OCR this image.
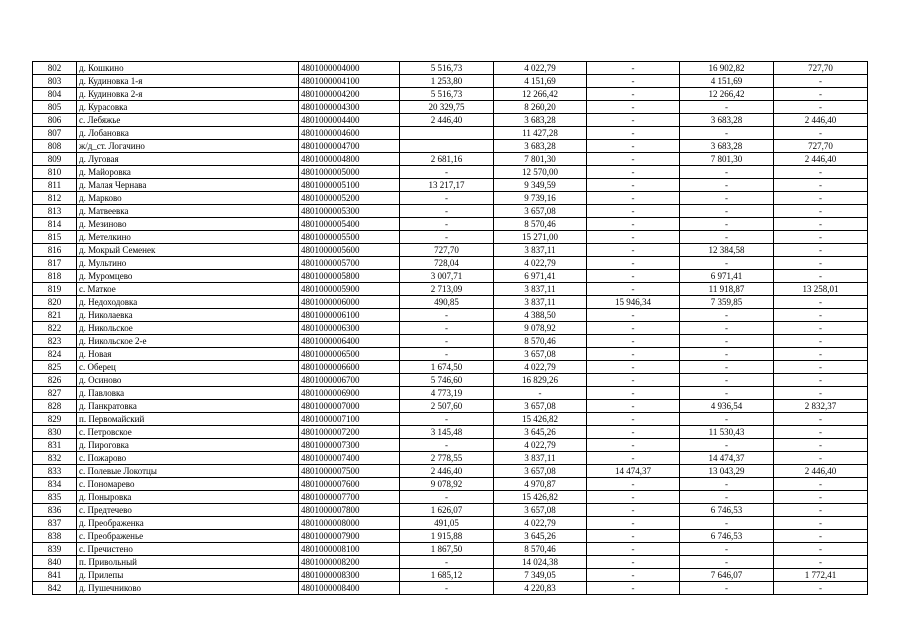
802	д. Кошкино	4801000004000	5 516,73	4 022,79	-	16 902,82	727,70
803	д. Кудиновка 1-я	4801000004100	1 253,80	4 151,69	-	4 151,69	-
804	д. Кудиновка 2-я	4801000004200	5 516,73	12 266,42	-	12 266,42	-
805	д. Курасовка	4801000004300	20 329,75	8 260,20	-	-	-
806	с. Лебяжье	4801000004400	2 446,40	3 683,28	-	3 683,28	2 446,40
807	д. Лобановка	4801000004600		11 427,28	-	-	-
808	ж/д_ст. Логачино	4801000004700		3 683,28	-	3 683,28	727,70
809	д. Луговая	4801000004800	2 681,16	7 801,30	-	7 801,30	2 446,40
810	д. Майоровка	4801000005000	-	12 570,00	-	-	-
811	д. Малая Чернава	4801000005100	13 217,17	9 349,59	-	-	-
812	д. Марково	4801000005200	-	9 739,16	-	-	-
813	д. Матвеевка	4801000005300	-	3 657,08	-	-	-
814	д. Мезиново	4801000005400	-	8 570,46	-	-	-
815	д. Метелкино	4801000005500	-	15 271,00	-	-	-
816	д. Мокрый Семенек	4801000005600	727,70	3 837,11	-	12 384,58	-
817	д. Мультино	4801000005700	728,04	4 022,79	-	-	-
818	д. Муромцево	4801000005800	3 007,71	6 971,41	-	6 971,41	-
819	с. Маткое	4801000005900	2 713,09	3 837,11	-	11 918,87	13 258,01
820	д. Недоходовка	4801000006000	490,85	3 837,11	15 946,34	7 359,85	-
821	д. Николаевка	4801000006100	-	4 388,50	-	-	-
822	д. Никольское	4801000006300	-	9 078,92	-	-	-
823	д. Никольское 2-е	4801000006400	-	8 570,46	-	-	-
824	д. Новая	4801000006500	-	3 657,08	-	-	-
825	с. Оберец	4801000006600	1 674,50	4 022,79	-	-	-
826	д. Осиново	4801000006700	5 746,60	16 829,26	-	-	-
827	д. Павловка	4801000006900	4 773,19	-	-	-	-
828	д. Панкратовка	4801000007000	2 507,60	3 657,08	-	4 936,54	2 832,37
829	п. Первомайский	4801000007100	-	15 426,82	-	-	-
830	с. Петровское	4801000007200	3 145,48	3 645,26	-	11 530,43	-
831	д. Пироговка	4801000007300	-	4 022,79	-	-	-
832	с. Пожарово	4801000007400	2 778,55	3 837,11	-	14 474,37	-
833	с. Полевые Локотцы	4801000007500	2 446,40	3 657,08	14 474,37	13 043,29	2 446,40
834	с. Пономарево	4801000007600	9 078,92	4 970,87	-	-	-
835	д. Поныровка	4801000007700	-	15 426,82	-	-	-
836	с. Предтечево	4801000007800	1 626,07	3 657,08	-	6 746,53	-
837	д. Преображенка	4801000008000	491,05	4 022,79	-	-	-
838	с. Преображенье	4801000007900	1 915,88	3 645,26	-	6 746,53	-
839	с. Пречистено	4801000008100	1 867,50	8 570,46	-	-	-
840	п. Привольный	4801000008200	-	14 024,38	-	-	-
841	д. Прилепы	4801000008300	1 685,12	7 349,05	-	7 646,07	1 772,41
842	д. Пушечниково	4801000008400	-	4 220,83	-	-	-
